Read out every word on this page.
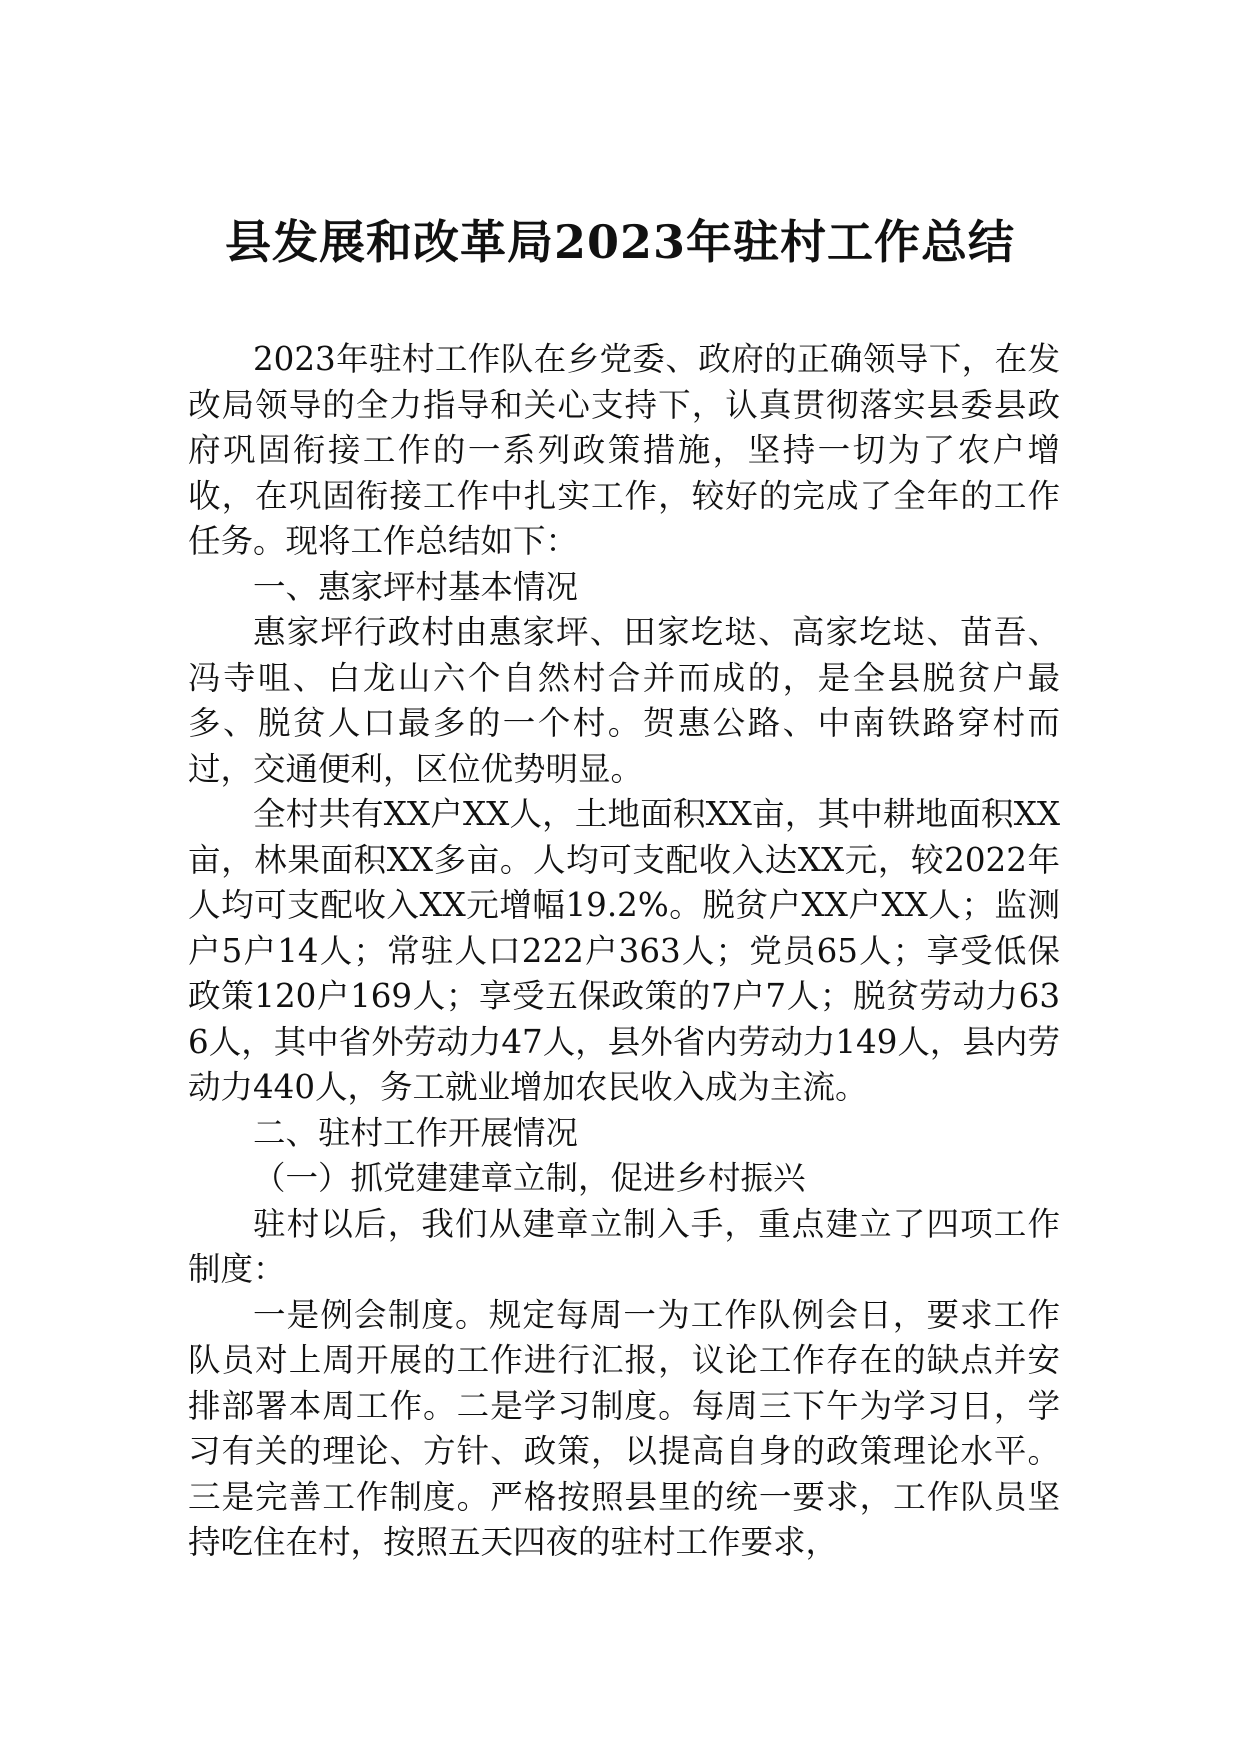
县发展和改革局2023年驻村工作总结

2023年驻村工作队在乡党委、政府的正确领导下，在发改局领导的全力指导和关心支持下，认真贯彻落实县委县政府巩固衔接工作的一系列政策措施，坚持一切为了农户增收，在巩固衔接工作中扎实工作，较好的完成了全年的工作任务。现将工作总结如下：

一、惠家坪村基本情况

惠家坪行政村由惠家坪、田家圪垯、高家圪垯、苗吾、冯寺咀、白龙山六个自然村合并而成的，是全县脱贫户最多、脱贫人口最多的一个村。贺惠公路、中南铁路穿村而过，交通便利，区位优势明显。

全村共有XX户XX人，土地面积XX亩，其中耕地面积XX亩，林果面积XX多亩。人均可支配收入达XX元，较2022年人均可支配收入XX元增幅19.2%。脱贫户XX户XX人；监测户5户14人；常驻人口222户363人；党员65人；享受低保政策120户169人；享受五保政策的7户7人；脱贫劳动力636人，其中省外劳动力47人，县外省内劳动力149人，县内劳动力440人，务工就业增加农民收入成为主流。

二、驻村工作开展情况

（一）抓党建建章立制，促进乡村振兴

驻村以后，我们从建章立制入手，重点建立了四项工作制度：

一是例会制度。规定每周一为工作队例会日，要求工作队员对上周开展的工作进行汇报，议论工作存在的缺点并安排部署本周工作。二是学习制度。每周三下午为学习日，学习有关的理论、方针、政策，以提高自身的政策理论水平。三是完善工作制度。严格按照县里的统一要求，工作队员坚持吃住在村，按照五天四夜的驻村工作要求，
